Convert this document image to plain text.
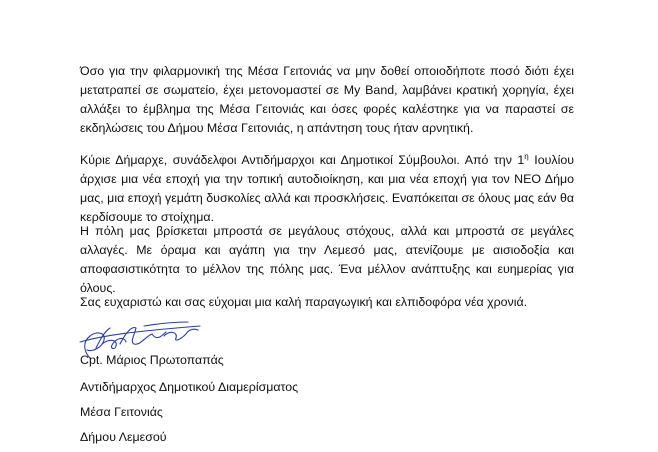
Όσο για την φιλαρμονική της Μέσα Γειτονιάς να μην δοθεί οποιοδήποτε ποσό διότι έχει μετατραπεί σε σωματείο, έχει μετονομαστεί σε My Band, λαμβάνει κρατική χορηγία, έχει αλλάξει το έμβλημα της Μέσα Γειτονιάς και όσες φορές καλέστηκε για να παραστεί σε εκδηλώσεις του Δήμου Μέσα Γειτονιάς, η απάντηση τους ήταν αρνητική.

Κύριε Δήμαρχε, συνάδελφοι Αντιδήμαρχοι και Δημοτικοί Σύμβουλοι. Από την $1^\eta$ Ιουλίου άρχισε μια νέα εποχή για την τοπική αυτοδιοίκηση, και μια νέα εποχή για τον ΝΕΟ Δήμο μας, μια εποχή γεμάτη δυσκολίες αλλά και προσκλήσεις. Εναπόκειται σε όλους μας εάν θα κερδίσουμε το στοίχημα.

Η πόλη μας βρίσκεται μπροστά σε μεγάλους στόχους, αλλά και μπροστά σε μεγάλες αλλαγές. Με όραμα και αγάπη για την Λεμεσό μας, ατενίζουμε με αισιοδοξία και αποφασιστικότητα το μέλλον της πόλης μας. Ένα μέλλον ανάπτυξης και ευημερίας για όλους.

Σας ευχαριστώ και σας εύχομαι μια καλή παραγωγική και ελπιδοφόρα νέα χρονιά.

Cpt. Μάριος Πρωτοπαπάς

Αντιδήμαρχος Δημοτικού Διαμερίσματος

Μέσα Γειτονιάς

Δήμου Λεμεσού
